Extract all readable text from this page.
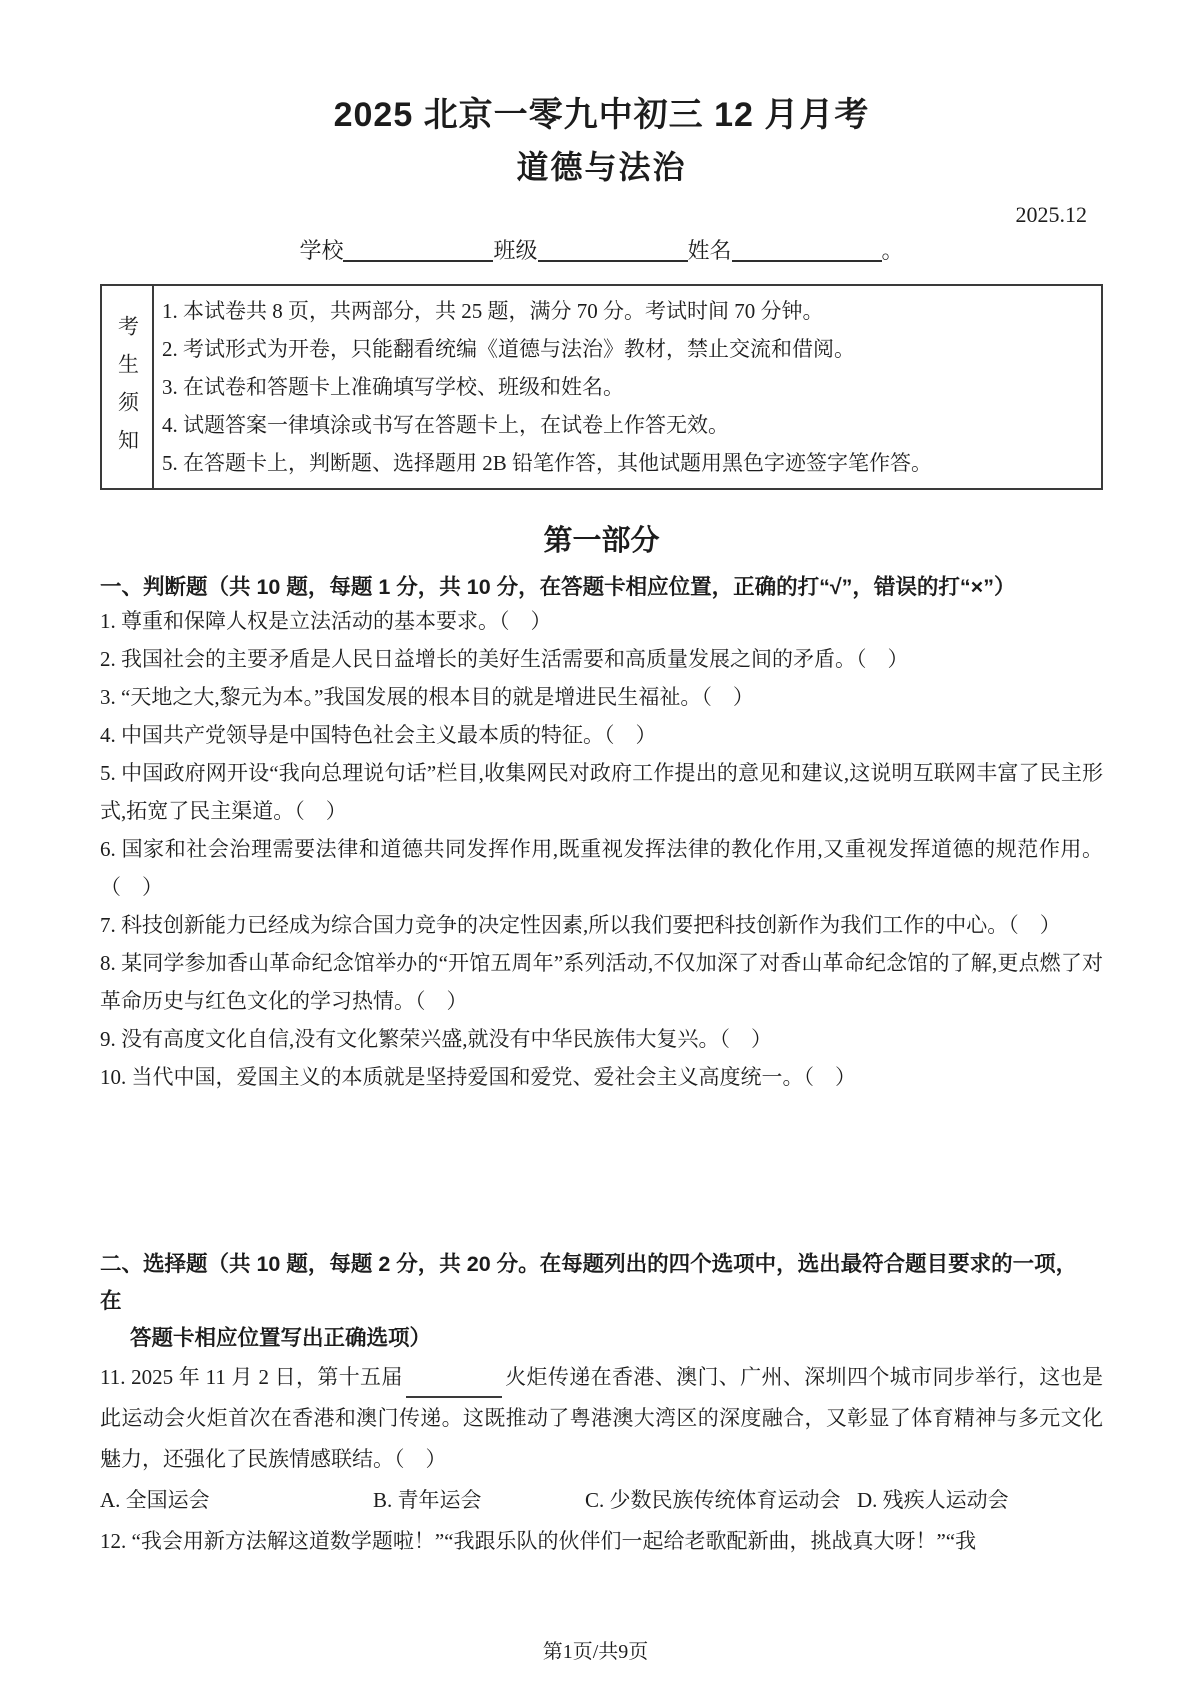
2025 北京一零九中初三 12 月月考
道德与法治
2025.12
学校	班级	姓名	。
考生须知
1. 本试卷共 8 页，共两部分，共 25 题，满分 70 分。考试时间 70 分钟。
2. 考试形式为开卷，只能翻看统编《道德与法治》教材，禁止交流和借阅。
3. 在试卷和答题卡上准确填写学校、班级和姓名。
4. 试题答案一律填涂或书写在答题卡上，在试卷上作答无效。
5. 在答题卡上，判断题、选择题用 2B 铅笔作答，其他试题用黑色字迹签字笔作答。
第一部分
一、判断题（共 10 题，每题 1 分，共 10 分，在答题卡相应位置，正确的打“√”，错误的打“×”）

1. 尊重和保障人权是立法活动的基本要求。（　）

2. 我国社会的主要矛盾是人民日益增长的美好生活需要和高质量发展之间的矛盾。（　）

3. “天地之大,黎元为本。”我国发展的根本目的就是增进民生福祉。（　）

4. 中国共产党领导是中国特色社会主义最本质的特征。（　）

5. 中国政府网开设“我向总理说句话”栏目,收集网民对政府工作提出的意见和建议,这说明互联网丰富了民主形式,拓宽了民主渠道。（　）

6. 国家和社会治理需要法律和道德共同发挥作用,既重视发挥法律的教化作用,又重视发挥道德的规范作用。（　）

7. 科技创新能力已经成为综合国力竞争的决定性因素,所以我们要把科技创新作为我们工作的中心。（　）

8. 某同学参加香山革命纪念馆举办的“开馆五周年”系列活动,不仅加深了对香山革命纪念馆的了解,更点燃了对革命历史与红色文化的学习热情。（　）

9. 没有高度文化自信,没有文化繁荣兴盛,就没有中华民族伟大复兴。（　）

10. 当代中国，爱国主义的本质就是坚持爱国和爱党、爱社会主义高度统一。（　）

二、选择题（共 10 题，每题 2 分，共 20 分。在每题列出的四个选项中，选出最符合题目要求的一项， 在

答题卡相应位置写出正确选项）

11. 2025 年 11 月 2 日，第十五届	火炬传递在香港、澳门、广州、深圳四个城市同步举行，这也是此运动会火炬首次在香港和澳门传递。这既推动了粤港澳大湾区的深度融合，又彰显了体育精神与多元文化魅力，还强化了民族情感联结。（　）

A. 全国运会	B. 青年运会	C. 少数民族传统体育运动会 D. 残疾人运动会

12. “我会用新方法解这道数学题啦！”“我跟乐队的伙伴们一起给老歌配新曲，挑战真大呀！”“我

第1页/共9页
